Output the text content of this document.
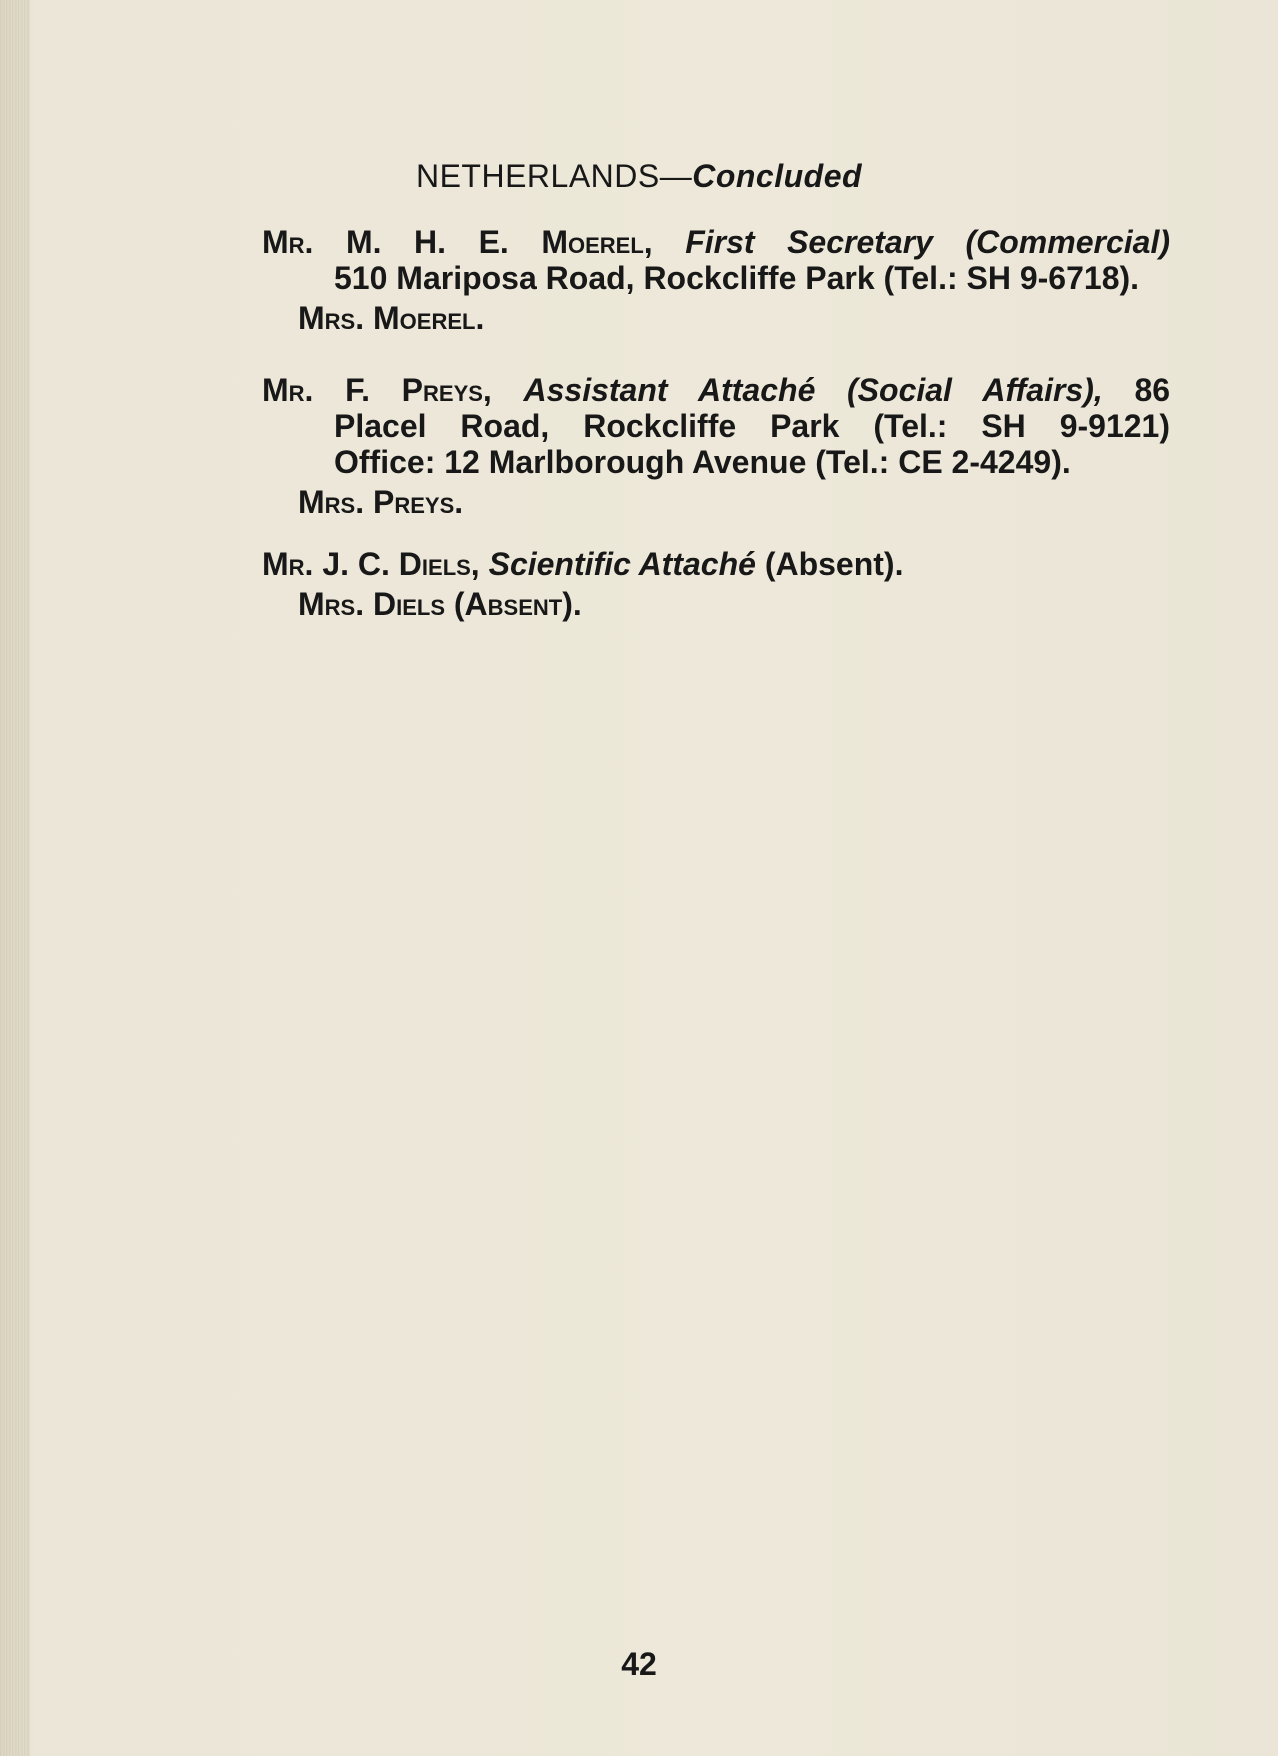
NETHERLANDS—Concluded
Mr. M. H. E. Moerel, First Secretary (Commercial)
510 Mariposa Road, Rockcliffe Park (Tel.: SH 9-6718).
Mrs. Moerel.
Mr. F. Preys, Assistant Attaché (Social Affairs), 86
Placel Road, Rockcliffe Park (Tel.: SH 9-9121)
Office: 12 Marlborough Avenue (Tel.: CE 2-4249).
Mrs. Preys.
Mr. J. C. Diels, Scientific Attaché (Absent).
Mrs. Diels (Absent).
42
